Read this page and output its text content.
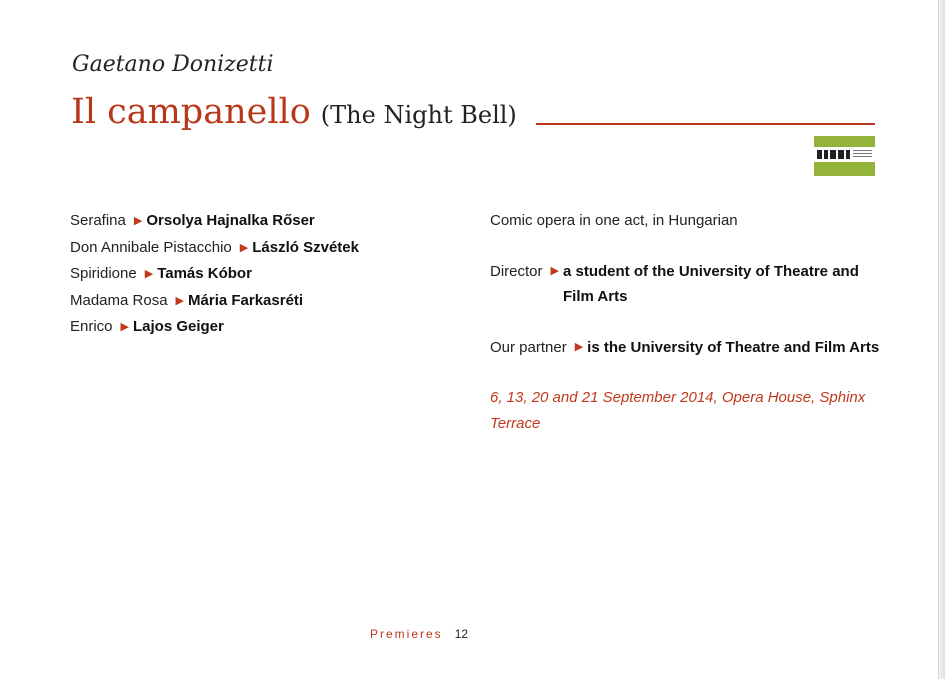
Gaetano Donizetti
Il campanello (The Night Bell)
Serafina ▶ Orsolya Hajnalka Rőser
Don Annibale Pistacchio ▶ László Szvétek
Spiridione ▶ Tamás Kóbor
Madama Rosa ▶ Mária Farkasréti
Enrico ▶ Lajos Geiger
Comic opera in one act, in Hungarian
Director ▶ a student of the University of Theatre and Film Arts
Our partner ▶ is the University of Theatre and Film Arts
6, 13, 20 and 21 September 2014, Opera House, Sphinx Terrace
Premieres 12
